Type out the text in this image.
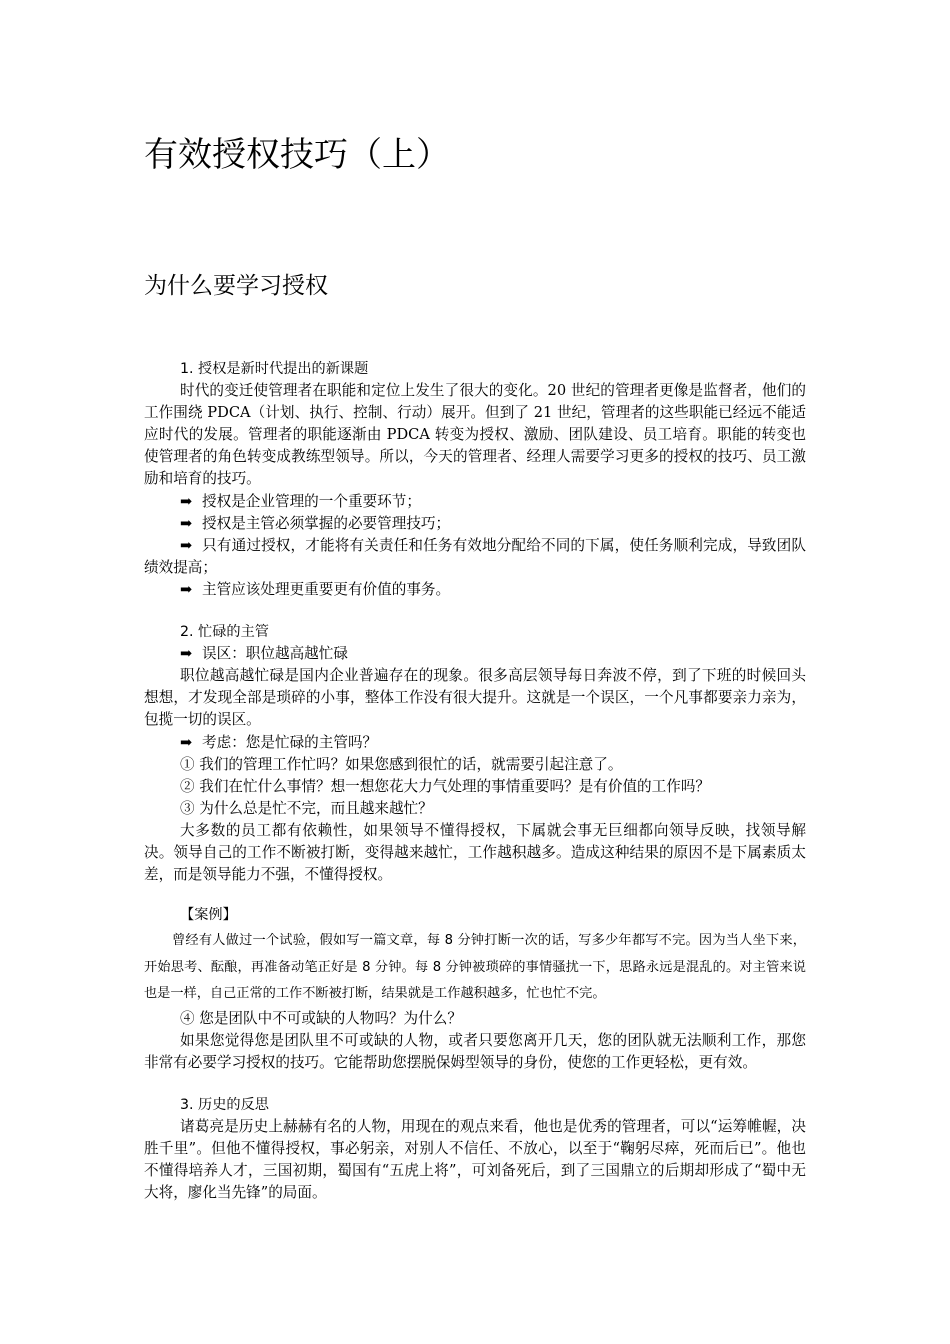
有效授权技巧（上）
为什么要学习授权

1. 授权是新时代提出的新课题

时代的变迁使管理者在职能和定位上发生了很大的变化。20 世纪的管理者更像是监督者，他们的工作围绕 PDCA（计划、执行、控制、行动）展开。但到了 21 世纪，管理者的这些职能已经远不能适应时代的发展。管理者的职能逐渐由 PDCA 转变为授权、激励、团队建设、员工培育。职能的转变也使管理者的角色转变成教练型领导。所以，今天的管理者、经理人需要学习更多的授权的技巧、员工激励和培育的技巧。

➡ 授权是企业管理的一个重要环节；

➡ 授权是主管必须掌握的必要管理技巧；

➡ 只有通过授权，才能将有关责任和任务有效地分配给不同的下属，使任务顺利完成，导致团队绩效提高；

➡ 主管应该处理更重要更有价值的事务。

2. 忙碌的主管

➡ 误区：职位越高越忙碌

职位越高越忙碌是国内企业普遍存在的现象。很多高层领导每日奔波不停，到了下班的时候回头想想，才发现全部是琐碎的小事，整体工作没有很大提升。这就是一个误区，一个凡事都要亲力亲为，包揽一切的误区。

➡ 考虑：您是忙碌的主管吗？

① 我们的管理工作忙吗？如果您感到很忙的话，就需要引起注意了。

② 我们在忙什么事情？想一想您花大力气处理的事情重要吗？是有价值的工作吗？

③ 为什么总是忙不完，而且越来越忙？

大多数的员工都有依赖性，如果领导不懂得授权，下属就会事无巨细都向领导反映，找领导解决。领导自己的工作不断被打断，变得越来越忙，工作越积越多。造成这种结果的原因不是下属素质太差，而是领导能力不强，不懂得授权。

【案例】

曾经有人做过一个试验，假如写一篇文章，每 8 分钟打断一次的话，写多少年都写不完。因为当人坐下来，开始思考、酝酿，再准备动笔正好是 8 分钟。每 8 分钟被琐碎的事情骚扰一下，思路永远是混乱的。对主管来说也是一样，自己正常的工作不断被打断，结果就是工作越积越多，忙也忙不完。

④ 您是团队中不可或缺的人物吗？为什么？

如果您觉得您是团队里不可或缺的人物，或者只要您离开几天，您的团队就无法顺利工作，那您非常有必要学习授权的技巧。它能帮助您摆脱保姆型领导的身份，使您的工作更轻松，更有效。

3. 历史的反思

诸葛亮是历史上赫赫有名的人物，用现在的观点来看，他也是优秀的管理者，可以“运筹帷幄，决胜千里”。但他不懂得授权，事必躬亲，对别人不信任、不放心，以至于“鞠躬尽瘁，死而后已”。他也不懂得培养人才，三国初期，蜀国有“五虎上将”，可刘备死后，到了三国鼎立的后期却形成了“蜀中无大将，廖化当先锋”的局面。
